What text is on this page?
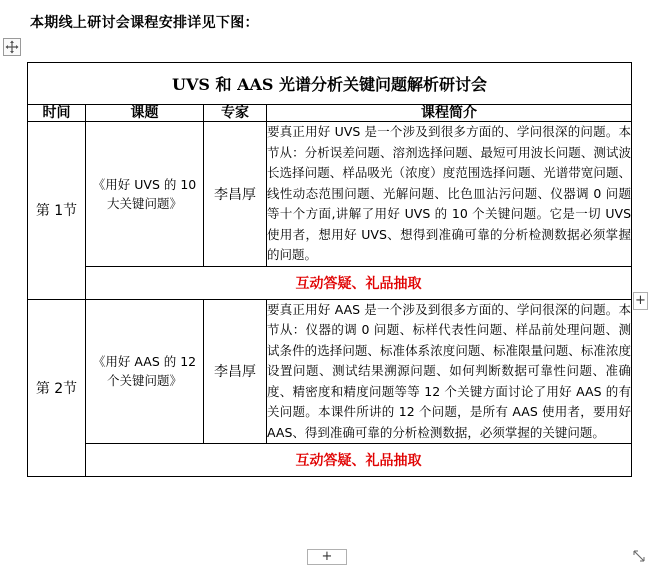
本期线上研讨会课程安排详见下图：
UVS 和 AAS 光谱分析关键问题解析研讨会			
时间	课题	专家	课程简介
第 1节	《用好 UVS 的 10 大关键问题》	李昌厚	要真正用好 UVS 是一个涉及到很多方面的、学问很深的问题。本节从：分析误差问题、溶剂选择问题、最短可用波长问题、测试波长选择问题、样品吸光（浓度）度范围选择问题、光谱带宽问题、线性动态范围问题、光解问题、比色皿沾污问题、仪器调 0 问题等十个方面,讲解了用好 UVS 的 10 个关键问题。它是一切 UVS 使用者，想用好 UVS、想得到准确可靠的分析检测数据必须掌握的问题。
	互动答疑、礼品抽取		
第 2节	《用好 AAS 的 12 个关键问题》	李昌厚	要真正用好 AAS 是一个涉及到很多方面的、学问很深的问题。本节从：仪器的调 0 问题、标样代表性问题、样品前处理问题、测试条件的选择问题、标准体系浓度问题、标准限量问题、标准浓度设置问题、测试结果溯源问题、如何判断数据可靠性问题、准确度、精密度和精度问题等等 12 个关键方面讨论了用好 AAS 的有关问题。本课件所讲的 12 个问题，是所有 AAS 使用者，要用好 AAS、得到准确可靠的分析检测数据，必须掌握的关键问题。
	互动答疑、礼品抽取		
+
+
